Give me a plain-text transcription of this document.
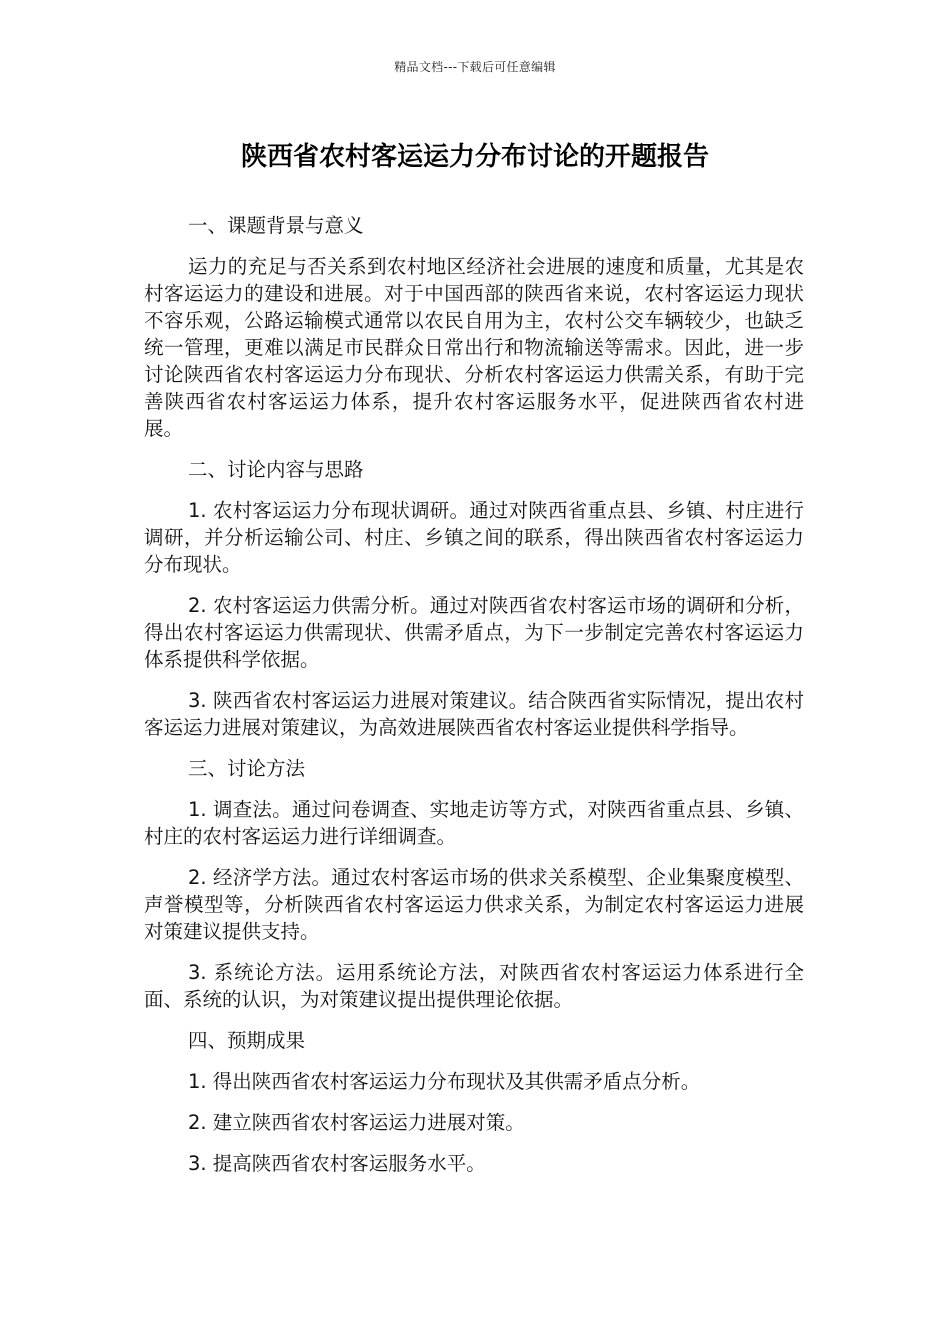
精品文档---下载后可任意编辑
陕西省农村客运运力分布讨论的开题报告

一、课题背景与意义

运力的充足与否关系到农村地区经济社会进展的速度和质量，尤其是农村客运运力的建设和进展。对于中国西部的陕西省来说，农村客运运力现状不容乐观，公路运输模式通常以农民自用为主，农村公交车辆较少，也缺乏统一管理，更难以满足市民群众日常出行和物流输送等需求。因此，进一步讨论陕西省农村客运运力分布现状、分析农村客运运力供需关系，有助于完善陕西省农村客运运力体系，提升农村客运服务水平，促进陕西省农村进展。

二、讨论内容与思路

1. 农村客运运力分布现状调研。通过对陕西省重点县、乡镇、村庄进行调研，并分析运输公司、村庄、乡镇之间的联系，得出陕西省农村客运运力分布现状。

2. 农村客运运力供需分析。通过对陕西省农村客运市场的调研和分析，得出农村客运运力供需现状、供需矛盾点，为下一步制定完善农村客运运力体系提供科学依据。

3. 陕西省农村客运运力进展对策建议。结合陕西省实际情况，提出农村客运运力进展对策建议，为高效进展陕西省农村客运业提供科学指导。

三、讨论方法

1. 调查法。通过问卷调查、实地走访等方式，对陕西省重点县、乡镇、村庄的农村客运运力进行详细调查。

2. 经济学方法。通过农村客运市场的供求关系模型、企业集聚度模型、声誉模型等，分析陕西省农村客运运力供求关系，为制定农村客运运力进展对策建议提供支持。

3. 系统论方法。运用系统论方法，对陕西省农村客运运力体系进行全面、系统的认识，为对策建议提出提供理论依据。

四、预期成果

1. 得出陕西省农村客运运力分布现状及其供需矛盾点分析。

2. 建立陕西省农村客运运力进展对策。

3. 提高陕西省农村客运服务水平。
